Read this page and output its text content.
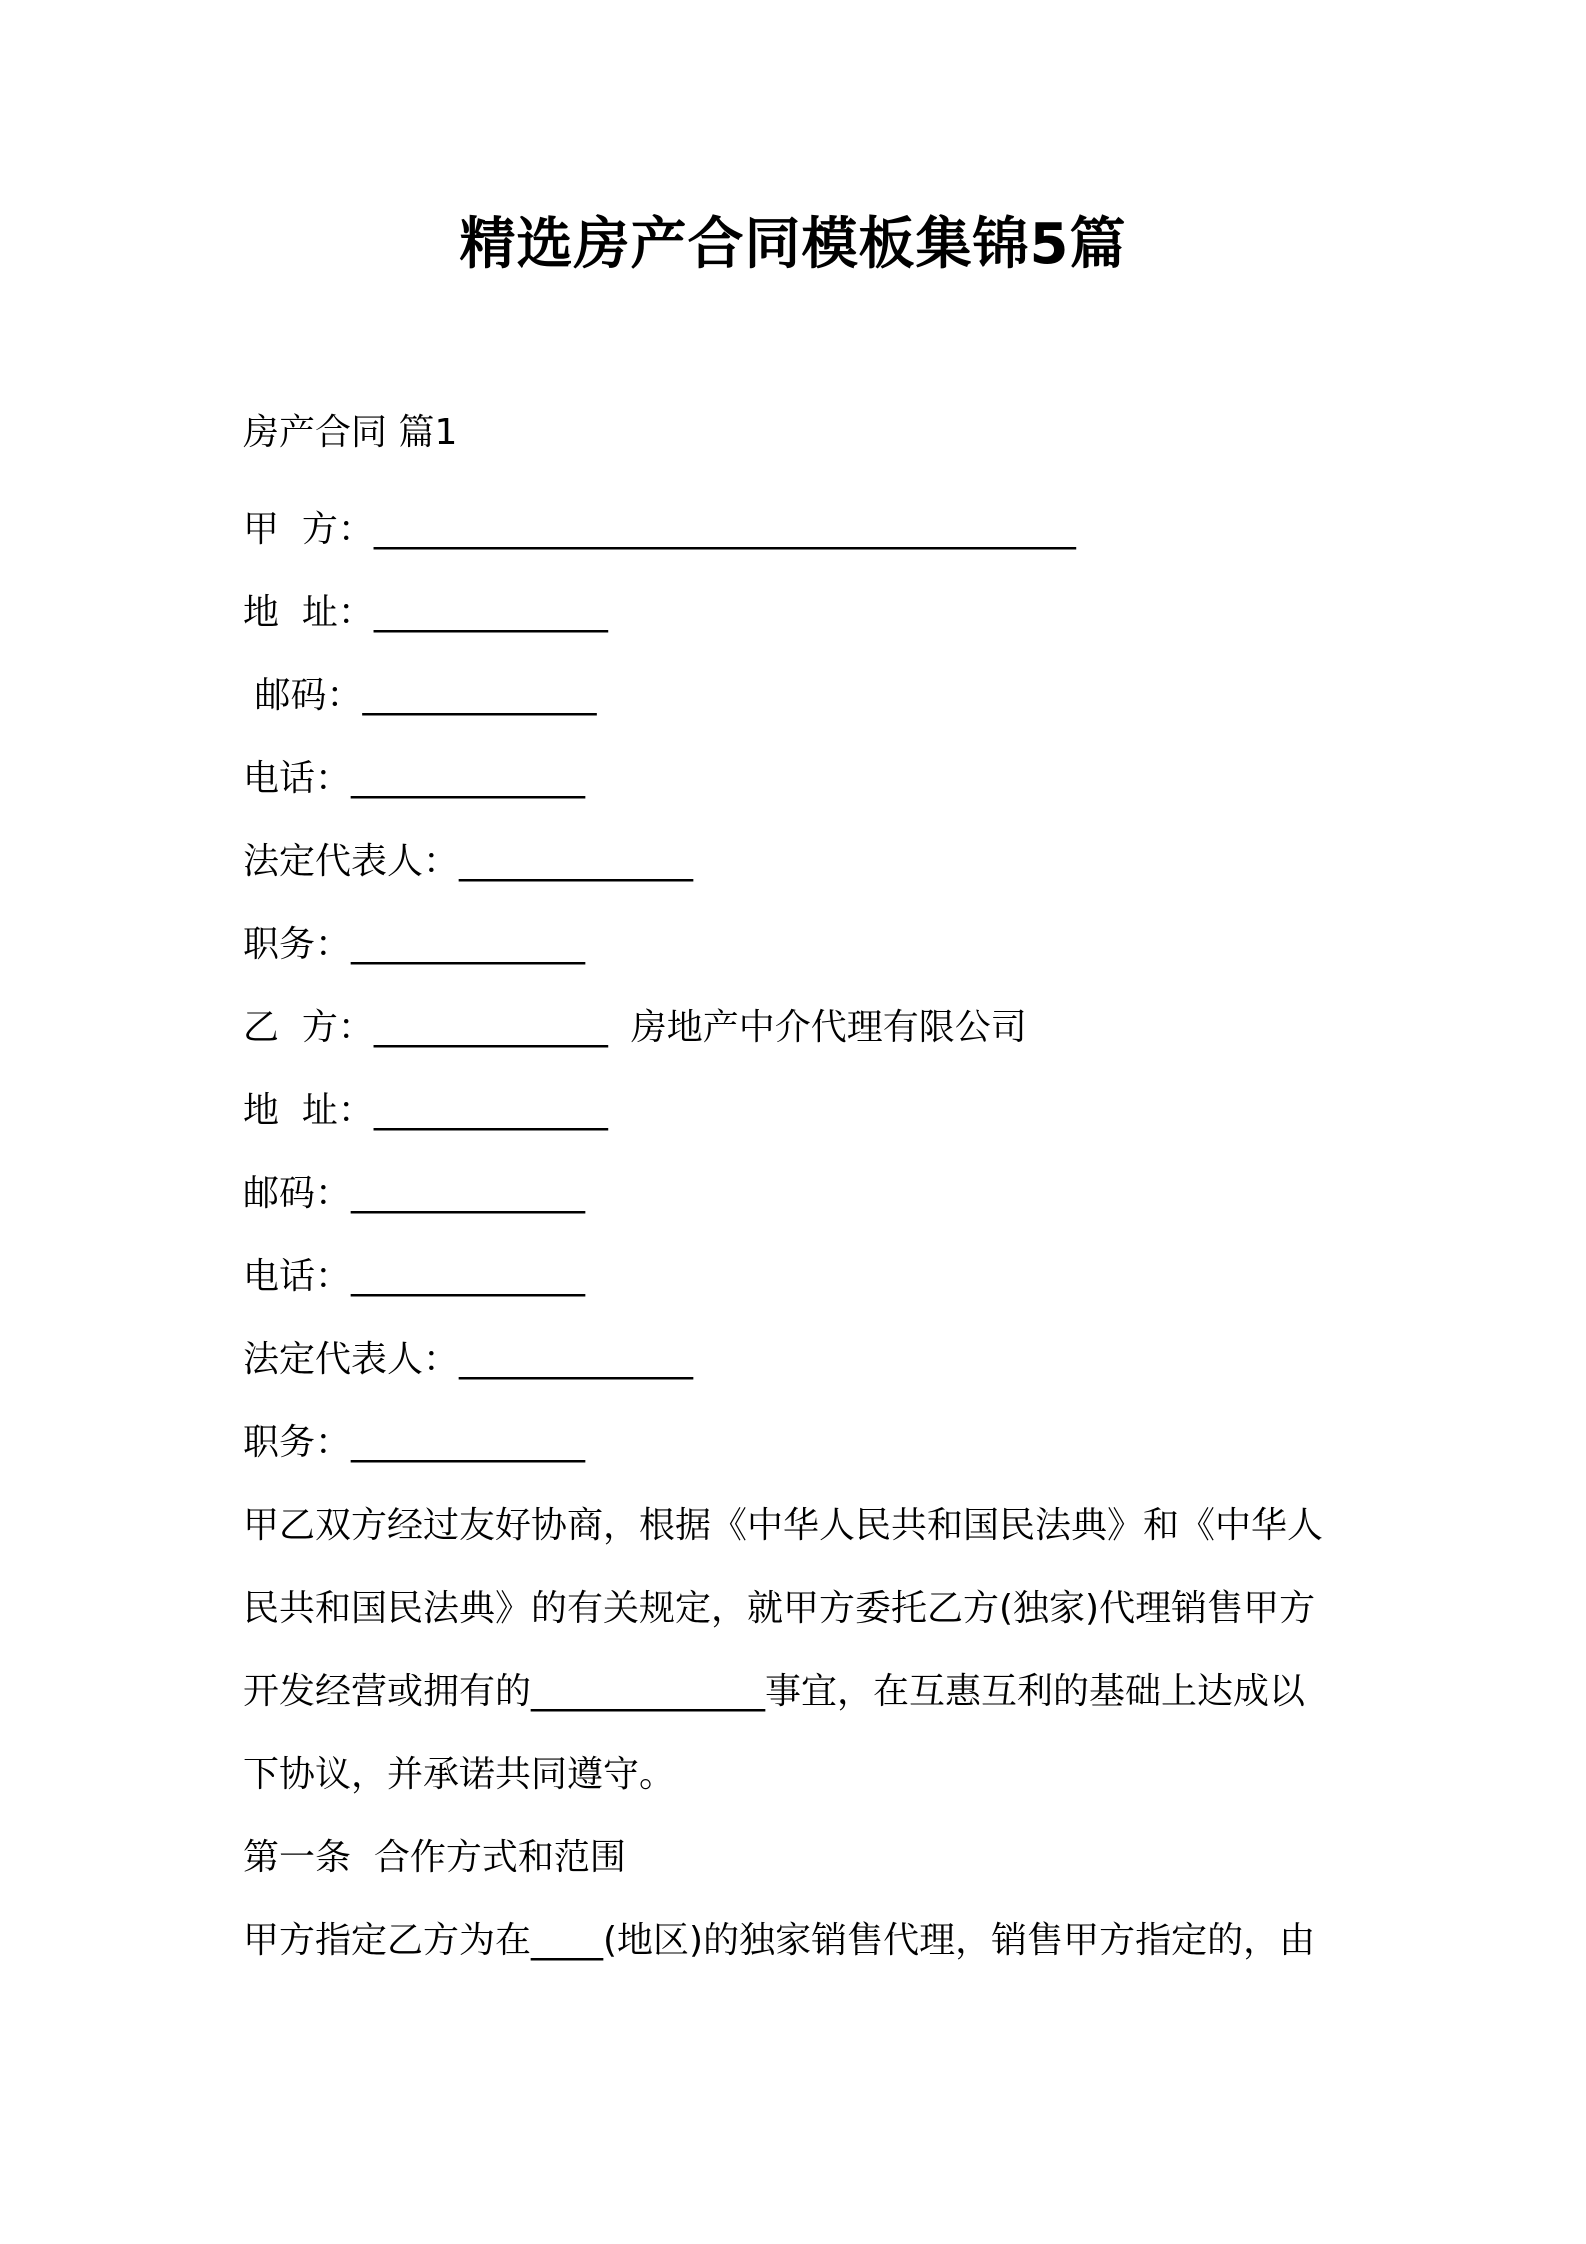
精选房产合同模板集锦5篇
房产合同 篇1
甲  方：_______________________________________
地  址：_____________
邮码：_____________
电话：_____________
法定代表人：_____________
职务：_____________
乙  方：_____________  房地产中介代理有限公司
地  址：_____________
邮码：_____________
电话：_____________
法定代表人：_____________
职务：_____________
甲乙双方经过友好协商，根据《中华人民共和国民法典》和《中华人
民共和国民法典》的有关规定，就甲方委托乙方(独家)代理销售甲方
开发经营或拥有的_____________事宜，在互惠互利的基础上达成以
下协议，并承诺共同遵守。
第一条  合作方式和范围
甲方指定乙方为在____(地区)的独家销售代理，销售甲方指定的，由
